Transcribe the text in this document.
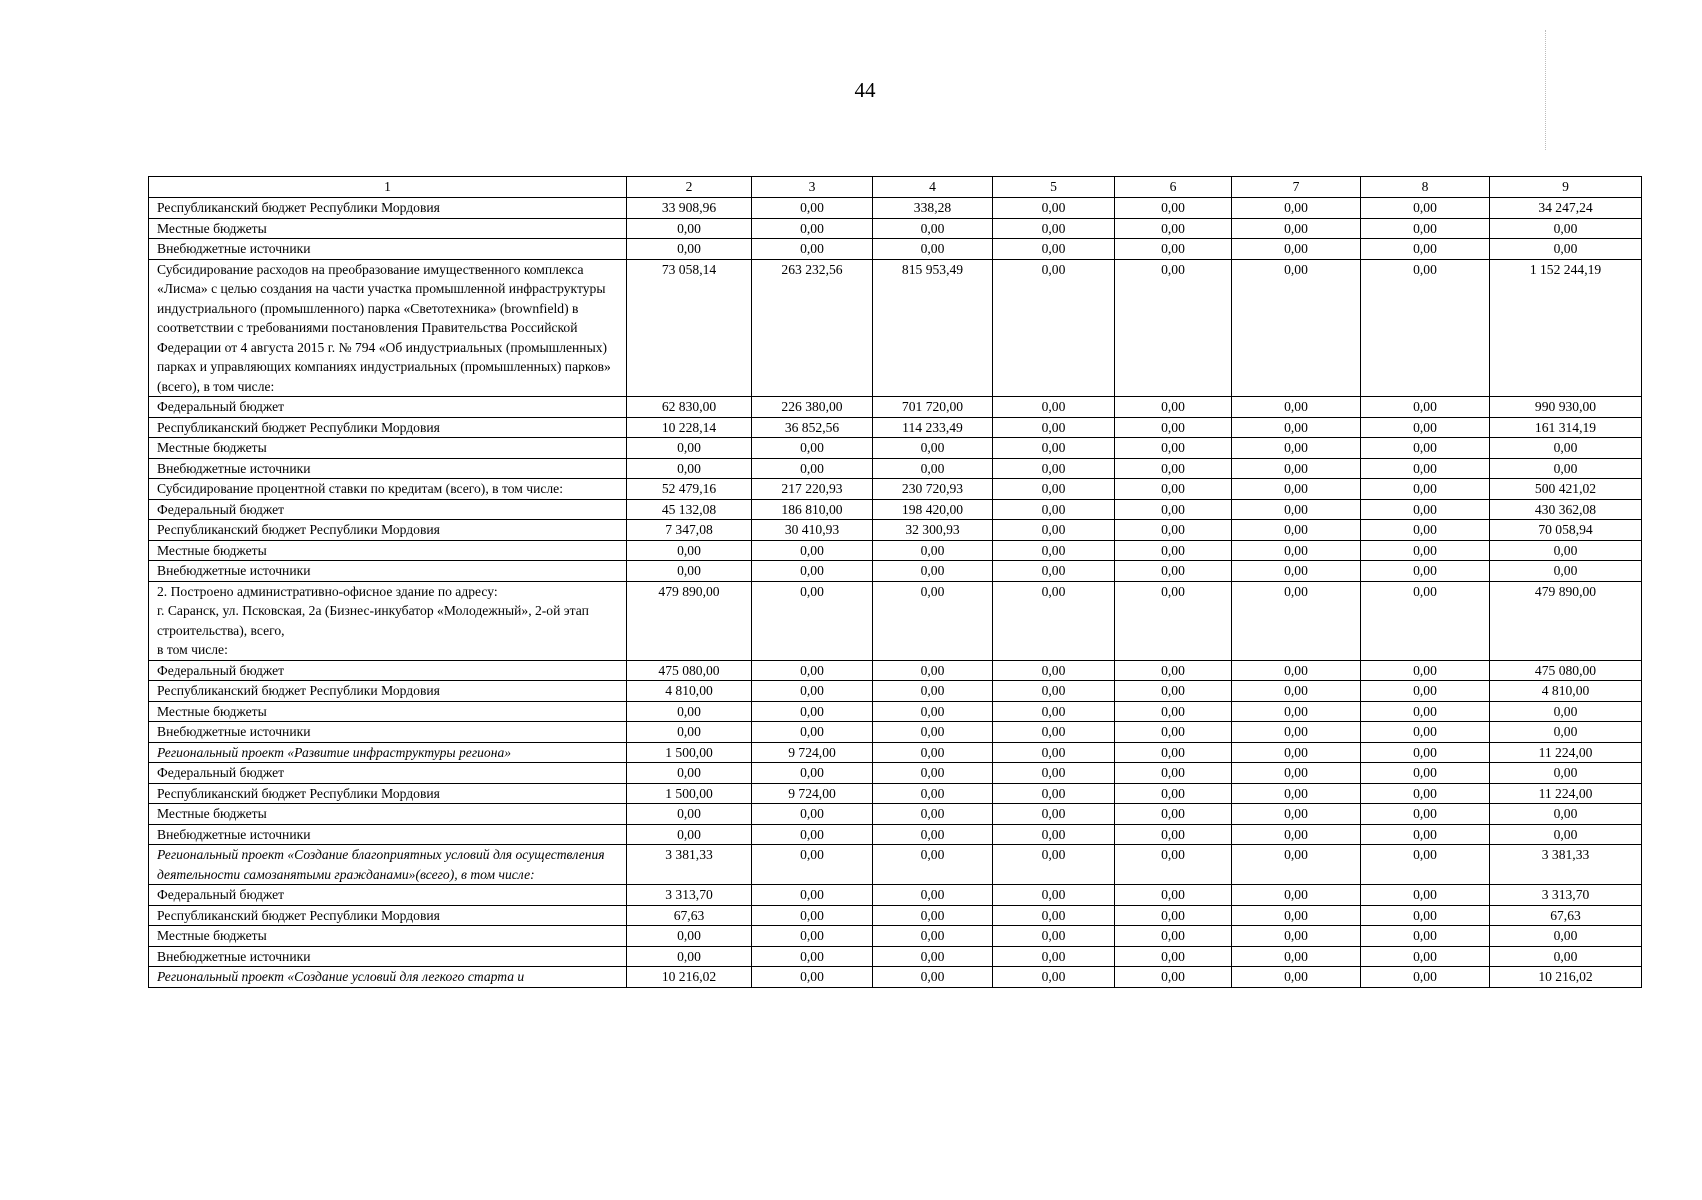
44
1	2	3	4	5	6	7	8	9
Республиканский бюджет Республики Мордовия	33 908,96	0,00	338,28	0,00	0,00	0,00	0,00	34 247,24
Местные бюджеты	0,00	0,00	0,00	0,00	0,00	0,00	0,00	0,00
Внебюджетные источники	0,00	0,00	0,00	0,00	0,00	0,00	0,00	0,00
Субсидирование расходов на преобразование имущественного комплекса «Лисма» с целью создания на части участка промышленной инфраструктуры индустриального (промышленного) парка «Светотехника» (brownfield) в соответствии с требованиями постановления Правительства Российской Федерации от 4 августа 2015 г. № 794 «Об индустриальных (промышленных) парках и управляющих компаниях индустриальных (промышленных) парков» (всего), в том числе:	73 058,14	263 232,56	815 953,49	0,00	0,00	0,00	0,00	1 152 244,19
Федеральный бюджет	62 830,00	226 380,00	701 720,00	0,00	0,00	0,00	0,00	990 930,00
Республиканский бюджет Республики Мордовия	10 228,14	36 852,56	114 233,49	0,00	0,00	0,00	0,00	161 314,19
Местные бюджеты	0,00	0,00	0,00	0,00	0,00	0,00	0,00	0,00
Внебюджетные источники	0,00	0,00	0,00	0,00	0,00	0,00	0,00	0,00
Субсидирование процентной ставки по кредитам (всего), в том числе:	52 479,16	217 220,93	230 720,93	0,00	0,00	0,00	0,00	500 421,02
Федеральный бюджет	45 132,08	186 810,00	198 420,00	0,00	0,00	0,00	0,00	430 362,08
Республиканский бюджет Республики Мордовия	7 347,08	30 410,93	32 300,93	0,00	0,00	0,00	0,00	70 058,94
Местные бюджеты	0,00	0,00	0,00	0,00	0,00	0,00	0,00	0,00
Внебюджетные источники	0,00	0,00	0,00	0,00	0,00	0,00	0,00	0,00
2. Построено административно-офисное здание по адресу:
г. Саранск, ул. Псковская, 2а (Бизнес-инкубатор «Молодежный», 2-ой этап строительства), всего,
в том числе:	479 890,00	0,00	0,00	0,00	0,00	0,00	0,00	479 890,00
Федеральный бюджет	475 080,00	0,00	0,00	0,00	0,00	0,00	0,00	475 080,00
Республиканский бюджет Республики Мордовия	4 810,00	0,00	0,00	0,00	0,00	0,00	0,00	4 810,00
Местные бюджеты	0,00	0,00	0,00	0,00	0,00	0,00	0,00	0,00
Внебюджетные источники	0,00	0,00	0,00	0,00	0,00	0,00	0,00	0,00
Региональный проект «Развитие инфраструктуры региона»	1 500,00	9 724,00	0,00	0,00	0,00	0,00	0,00	11 224,00
Федеральный бюджет	0,00	0,00	0,00	0,00	0,00	0,00	0,00	0,00
Республиканский бюджет Республики Мордовия	1 500,00	9 724,00	0,00	0,00	0,00	0,00	0,00	11 224,00
Местные бюджеты	0,00	0,00	0,00	0,00	0,00	0,00	0,00	0,00
Внебюджетные источники	0,00	0,00	0,00	0,00	0,00	0,00	0,00	0,00
Региональный проект «Создание благоприятных условий для осуществления деятельности самозанятыми гражданами»(всего), в том числе:	3 381,33	0,00	0,00	0,00	0,00	0,00	0,00	3 381,33
Федеральный бюджет	3 313,70	0,00	0,00	0,00	0,00	0,00	0,00	3 313,70
Республиканский бюджет Республики Мордовия	67,63	0,00	0,00	0,00	0,00	0,00	0,00	67,63
Местные бюджеты	0,00	0,00	0,00	0,00	0,00	0,00	0,00	0,00
Внебюджетные источники	0,00	0,00	0,00	0,00	0,00	0,00	0,00	0,00
Региональный проект «Создание условий для легкого старта и	10 216,02	0,00	0,00	0,00	0,00	0,00	0,00	10 216,02
